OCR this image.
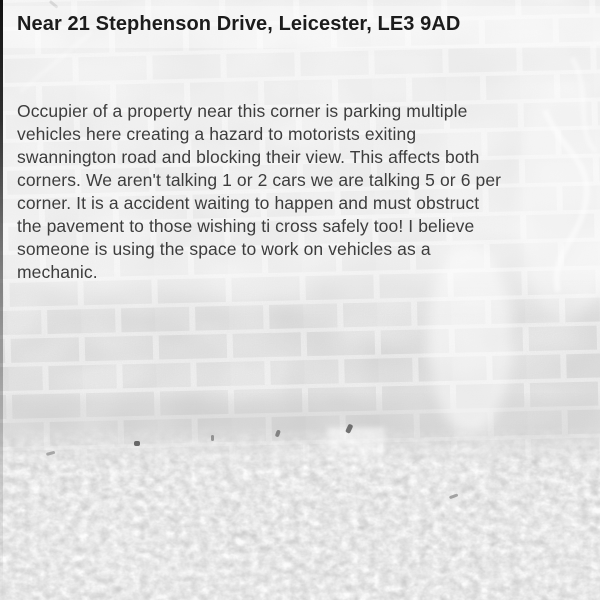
Near 21 Stephenson Drive, Leicester, LE3 9AD
Occupier of a property near this corner is parking multiple
vehicles here creating a hazard to motorists exiting
swannington road and blocking their view. This affects both
corners. We aren't talking 1 or 2 cars we are talking 5 or 6 per
corner. It is a accident waiting to happen and must obstruct
the pavement to those wishing ti cross safely too! I believe
someone is using the space to work on vehicles as a
mechanic.
